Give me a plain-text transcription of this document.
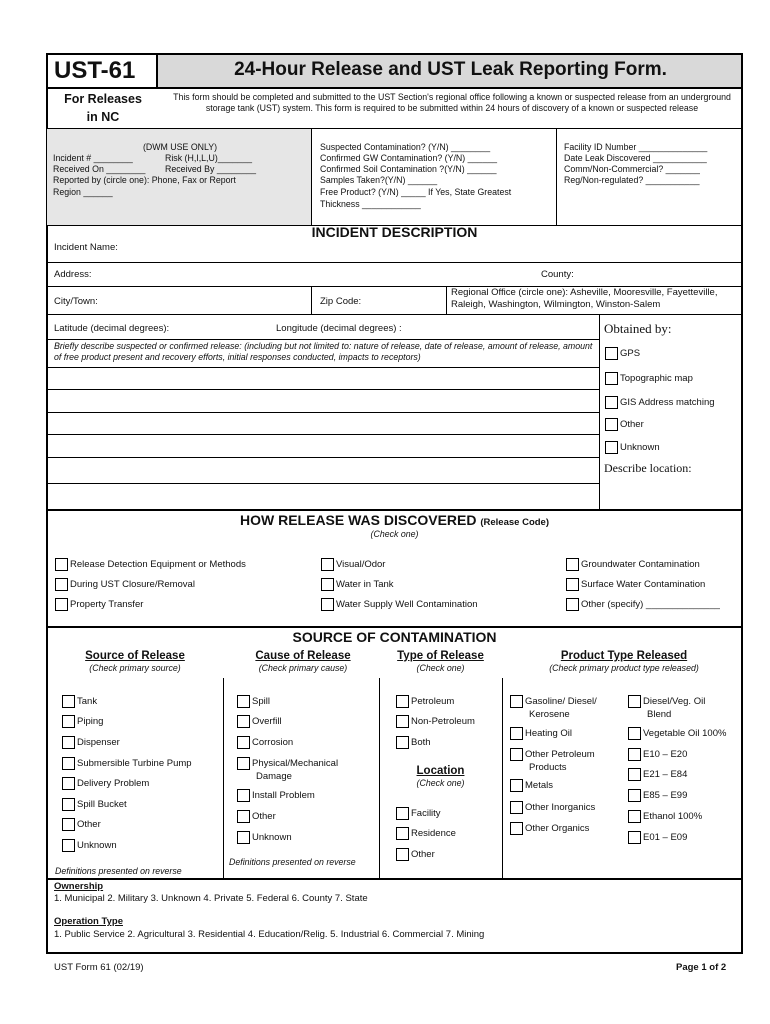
UST-61	24-Hour Release and UST Leak Reporting Form.
For Releases
in NC
This form should be completed and submitted to the UST Section's regional office following a known or suspected release from an underground storage tank (UST) system. This form is required to be submitted within 24 hours of discovery of a known or suspected release
(DWM USE ONLY)
Incident # ________	Risk (H,I,L,U)_______
Received On ________ Received By ________
Reported by (circle one): Phone, Fax or Report
Region ______
Suspected Contamination? (Y/N) ________
Confirmed GW Contamination? (Y/N) ______
Confirmed Soil Contamination ?(Y/N) ______
Samples Taken?(Y/N) ______
Free Product? (Y/N) _____ If Yes, State Greatest
Thickness ____________
Facility ID Number ______________
Date Leak Discovered ___________
Comm/Non-Commercial? _______
Reg/Non-regulated? ___________
INCIDENT DESCRIPTION
Incident Name:
Address:	County:
City/Town:	Zip Code:
Regional Office (circle one): Asheville, Mooresville, Fayetteville, Raleigh, Washington, Wilmington, Winston-Salem
Latitude (decimal degrees):	Longitude (decimal degrees) :	Obtained by:
Briefly describe suspected or confirmed release: (including but not limited to: nature of release, date of release, amount of release, amount of free product present and recovery efforts, initial responses conducted, impacts to receptors)	GPS
Topographic map
GIS Address matching
Other
Unknown
Describe location:
HOW RELEASE WAS DISCOVERED (Release Code)
(Check one)
Release Detection Equipment or Methods
During UST Closure/Removal
Property Transfer
Visual/Odor
Water in Tank
Water Supply Well Contamination
Groundwater Contamination
Surface Water Contamination
Other (specify) ______________
SOURCE OF CONTAMINATION
Source of Release
(Check primary source)
Tank
Piping
Dispenser
Submersible Turbine Pump
Delivery Problem
Spill Bucket
Other
Unknown
Definitions presented on reverse
Cause of Release
(Check primary cause)
Spill
Overfill
Corrosion
Physical/Mechanical
Damage
Install Problem
Other
Unknown
Definitions presented on reverse
Type of Release
(Check one)
Petroleum
Non-Petroleum
Both
Location
(Check one)
Facility
Residence
Other
Product Type Released
(Check primary product type released)
Gasoline/ Diesel/
Kerosene
Heating Oil
Other Petroleum
Products
Metals
Other Inorganics
Other Organics
Diesel/Veg. Oil
Blend
Vegetable Oil 100%
E10 – E20
E21 – E84
E85 – E99
Ethanol 100%
E01 – E09
Ownership
1. Municipal 2. Military 3. Unknown 4. Private 5. Federal 6. County 7. State
Operation Type
1. Public Service 2. Agricultural 3. Residential 4. Education/Relig. 5. Industrial 6. Commercial 7. Mining
UST Form 61 (02/19)	Page 1 of 2
